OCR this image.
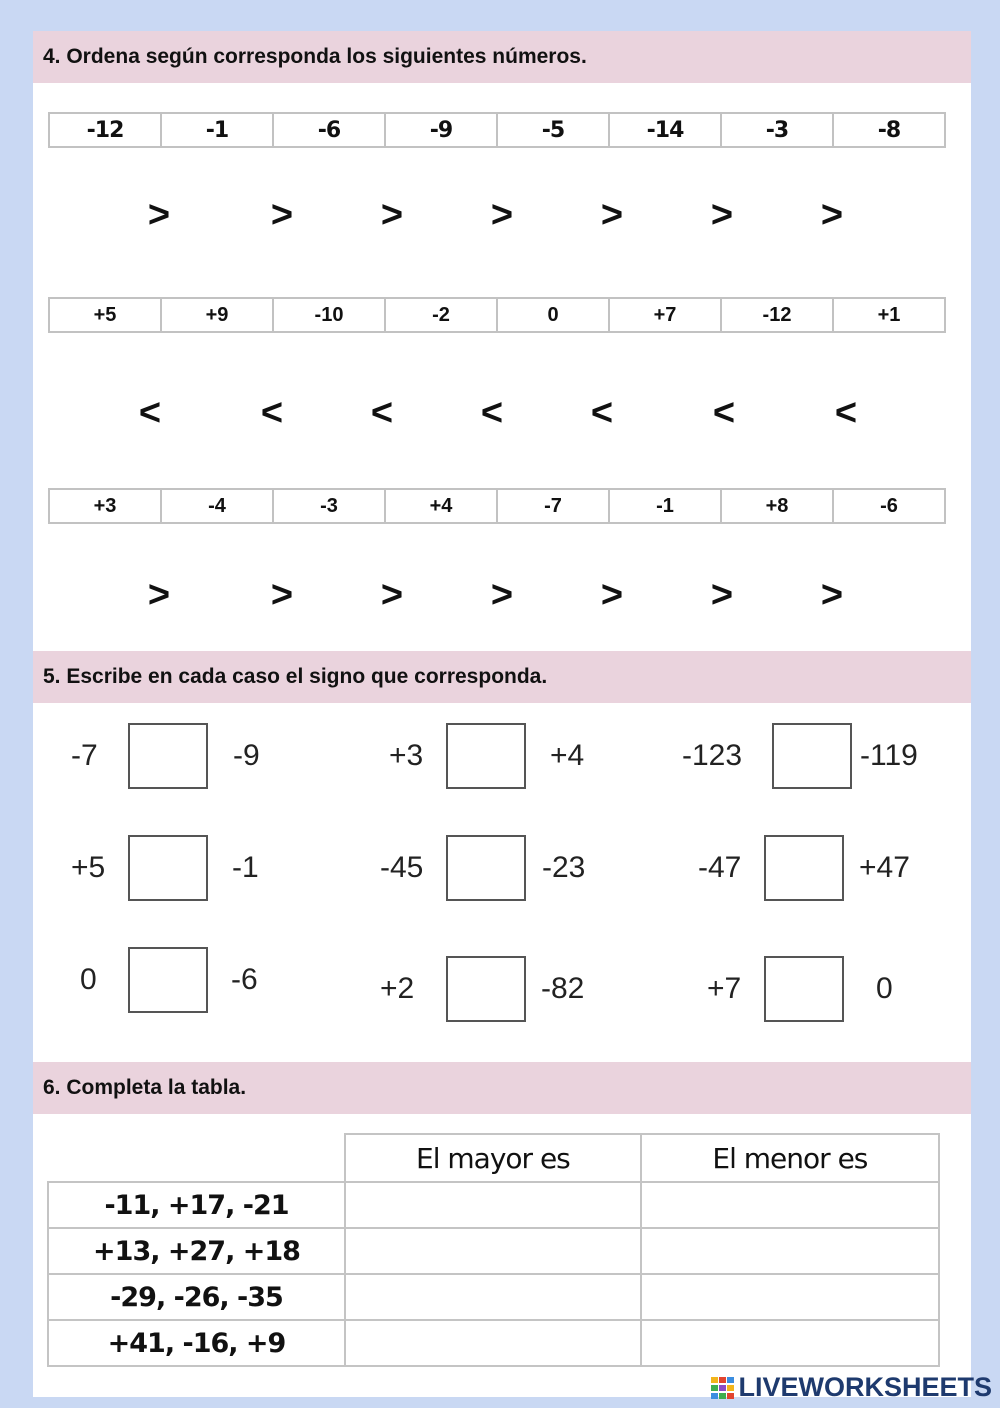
4. Ordena según corresponda los siguientes números.
-12	-1	-6	-9	-5	-14	-3	-8
>	> > > > > >
+5	+9	-10	-2	0	+7	-12	+1
<	< < < <	<	<
+3	-4	-3	+4	-7	-1	+8	-6
>	> > > > > >
5. Escribe en cada caso el signo que corresponda.
-7	-9	+3	+4	-123	-119
+5	-1	-45	-23	-47	+47
0	-6	+2	-82	+7	0
6. Completa la tabla.
	El mayor es	El menor es
-11, +17, -21		
+13, +27, +18		
-29, -26, -35		
+41, -16, +9		
LIVEWORKSHEETS
